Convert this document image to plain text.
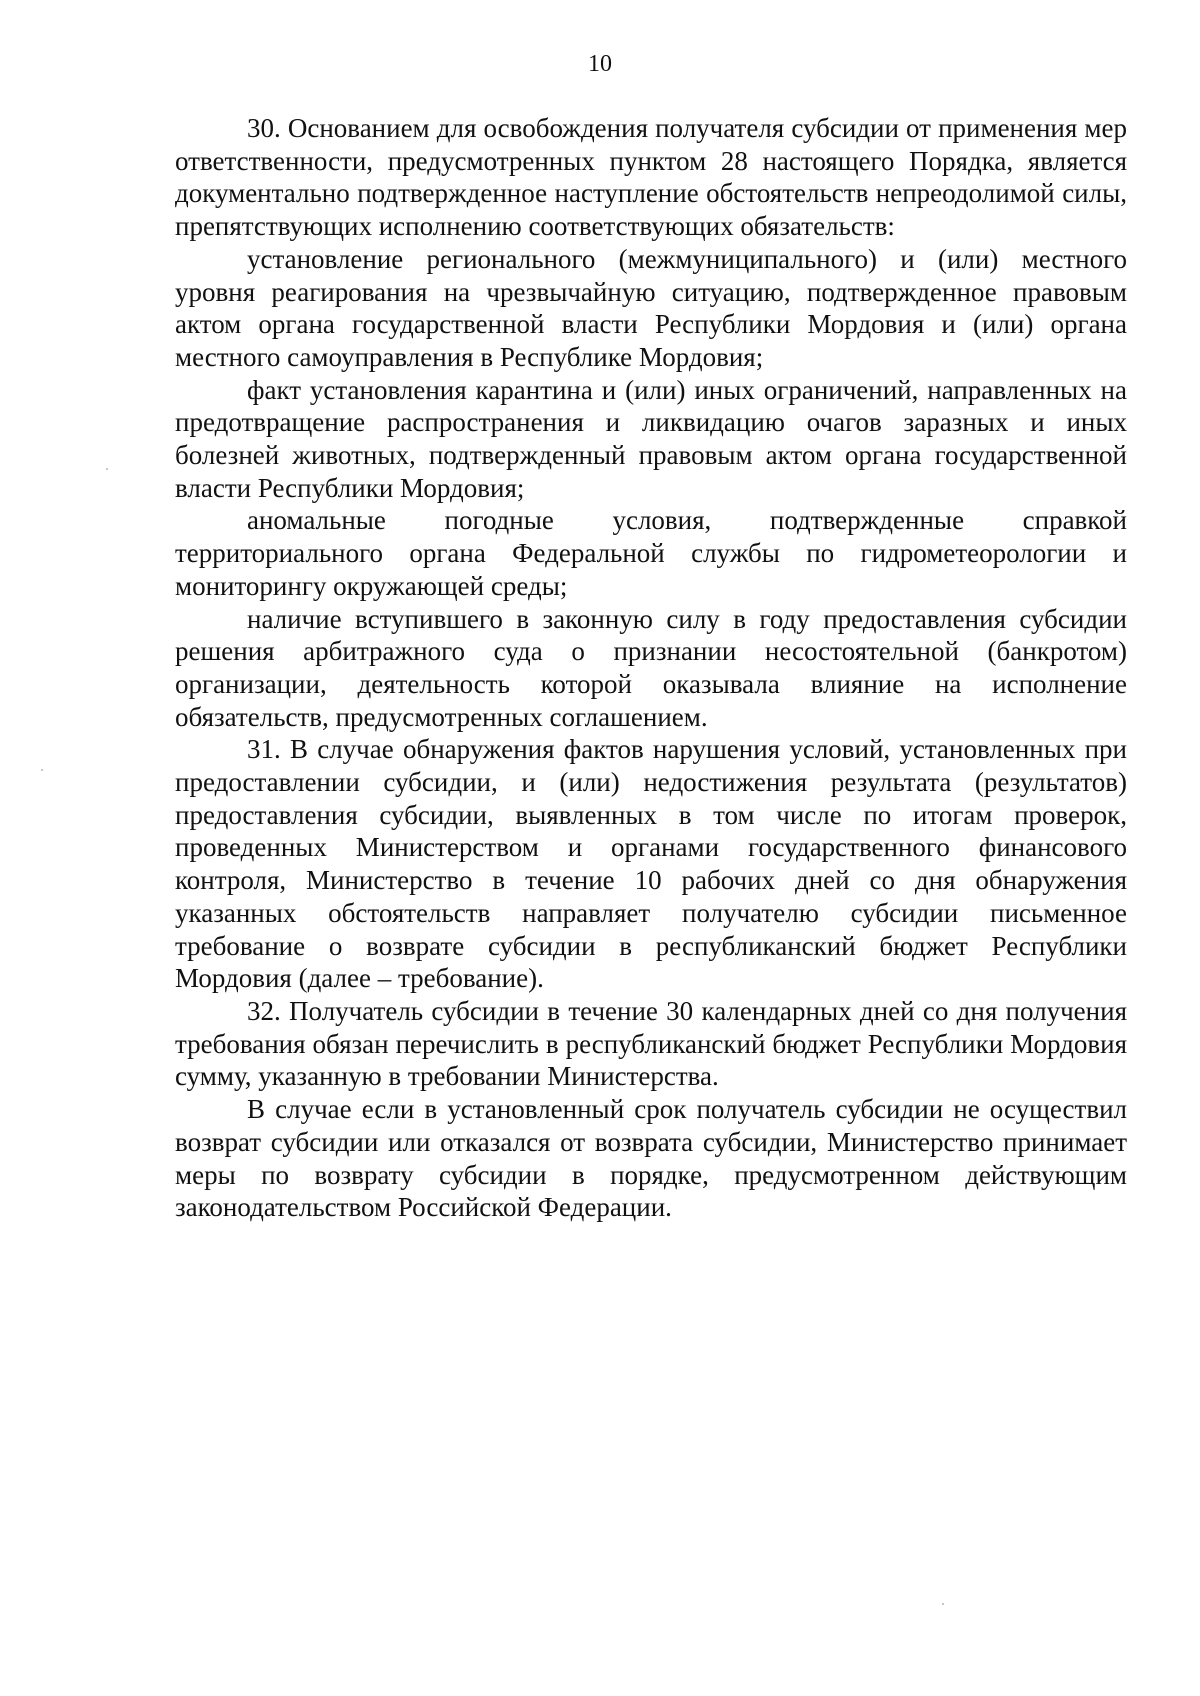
10

30. Основанием для освобождения получателя субсидии от применения мер ответственности, предусмотренных пунктом 28 настоящего Порядка, является документально подтвержденное наступление обстоятельств непреодолимой силы, препятствующих исполнению соответствующих обязательств:

установление регионального (межмуниципального) и (или) местного уровня реагирования на чрезвычайную ситуацию, подтвержденное правовым актом органа государственной власти Республики Мордовия и (или) органа местного самоуправления в Республике Мордовия;

факт установления карантина и (или) иных ограничений, направленных на предотвращение распространения и ликвидацию очагов заразных и иных болезней животных, подтвержденный правовым актом органа государственной власти Республики Мордовия;

аномальные погодные условия, подтвержденные справкой территориального органа Федеральной службы по гидрометеорологии и мониторингу окружающей среды;

наличие вступившего в законную силу в году предоставления субсидии решения арбитражного суда о признании несостоятельной (банкротом) организации, деятельность которой оказывала влияние на исполнение обязательств, предусмотренных соглашением.

31. В случае обнаружения фактов нарушения условий, установленных при предоставлении субсидии, и (или) недостижения результата (результатов) предоставления субсидии, выявленных в том числе по итогам проверок, проведенных Министерством и органами государственного финансового контроля, Министерство в течение 10 рабочих дней со дня обнаружения указанных обстоятельств направляет получателю субсидии письменное требование о возврате субсидии в республиканский бюджет Республики Мордовия (далее – требование).

32. Получатель субсидии в течение 30 календарных дней со дня получения требования обязан перечислить в республиканский бюджет Республики Мордовия сумму, указанную в требовании Министерства.

В случае если в установленный срок получатель субсидии не осуществил возврат субсидии или отказался от возврата субсидии, Министерство принимает меры по возврату субсидии в порядке, предусмотренном действующим законодательством Российской Федерации.
